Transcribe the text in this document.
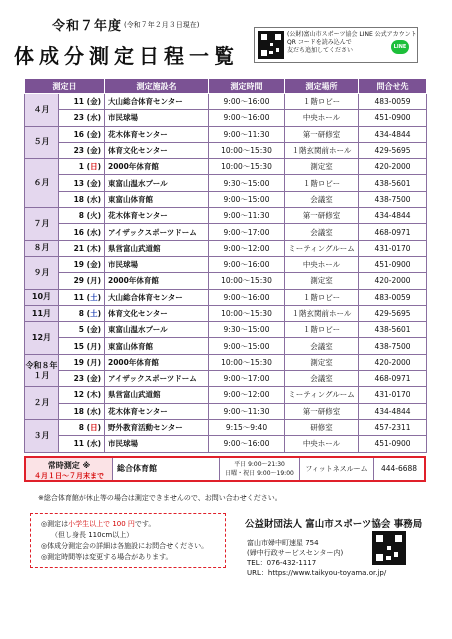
令和７年度 (令和７年２月３日現在)
体成分測定日程一覧
(公財)富山市スポーツ協会 LINE 公式アカウント
QR コードを読み込んで
友だち追加してください	LINE
測定日		測定施設名	測定時間	測定場所	問合せ先
４月	11 (金)	大山総合体育センター	9:00～16:00	１階ロビー	483-0059
	23 (水)	市民球場	9:00～16:00	中央ホール	451-0900
５月	16 (金)	花木体育センター	9:00～11:30	第一研修室	434-4844
	23 (金)	体育文化センター	10:00～15:30	１階玄関前ホール	429-5695
６月	1 (日)	2000年体育館	10:00～15:30	測定室	420-2000
	13 (金)	東富山温水プール	9:30～15:00	１階ロビー	438-5601
	18 (水)	東富山体育館	9:00～15:00	会議室	438-7500
７月	8 (火)	花木体育センター	9:00～11:30	第一研修室	434-4844
	16 (水)	アイザックスポーツドーム	9:00～17:00	会議室	468-0971
８月	21 (木)	県営富山武道館	9:00～12:00	ミーティングルーム	431-0170
９月	19 (金)	市民球場	9:00～16:00	中央ホール	451-0900
	29 (月)	2000年体育館	10:00～15:30	測定室	420-2000
10月	11 (土)	大山総合体育センター	9:00～16:00	１階ロビー	483-0059
11月	8 (土)	体育文化センター	10:00～15:30	１階玄関前ホール	429-5695
12月	5 (金)	東富山温水プール	9:30～15:00	１階ロビー	438-5601
	15 (月)	東富山体育館	9:00～15:00	会議室	438-7500
令和８年
１月	19 (月)	2000年体育館	10:00～15:30	測定室	420-2000
	23 (金)	アイザックスポーツドーム	9:00～17:00	会議室	468-0971
２月	12 (木)	県営富山武道館	9:00～12:00	ミーティングルーム	431-0170
	18 (水)	花木体育センター	9:00～11:30	第一研修室	434-4844
３月	8 (日)	野外教育活動センター	9:15～9:40	研修室	457-2311
	11 (水)	市民球場	9:00～16:00	中央ホール	451-0900
常時測定 ※
４月１日～７月末まで
総合体育館	平日 9:00～21:30
日曜・祝日 9:00～19:00
フィットネスルーム	444-6688
※総合体育館が休止等の場合は測定できませんので、お問い合わせください。
◎測定は小学生以上で 100 円です。
（但し身長 110cm以上）
◎体成分測定会の詳細は各施設にお問合せください。
◎測定時間等は変更する場合があります。
公益財団法人 富山市スポーツ協会 事務局
富山市婦中町速星 754
(婦中行政サービスセンター内)
TEL：076-432-1117
URL：https://www.taikyou-toyama.or.jp/
